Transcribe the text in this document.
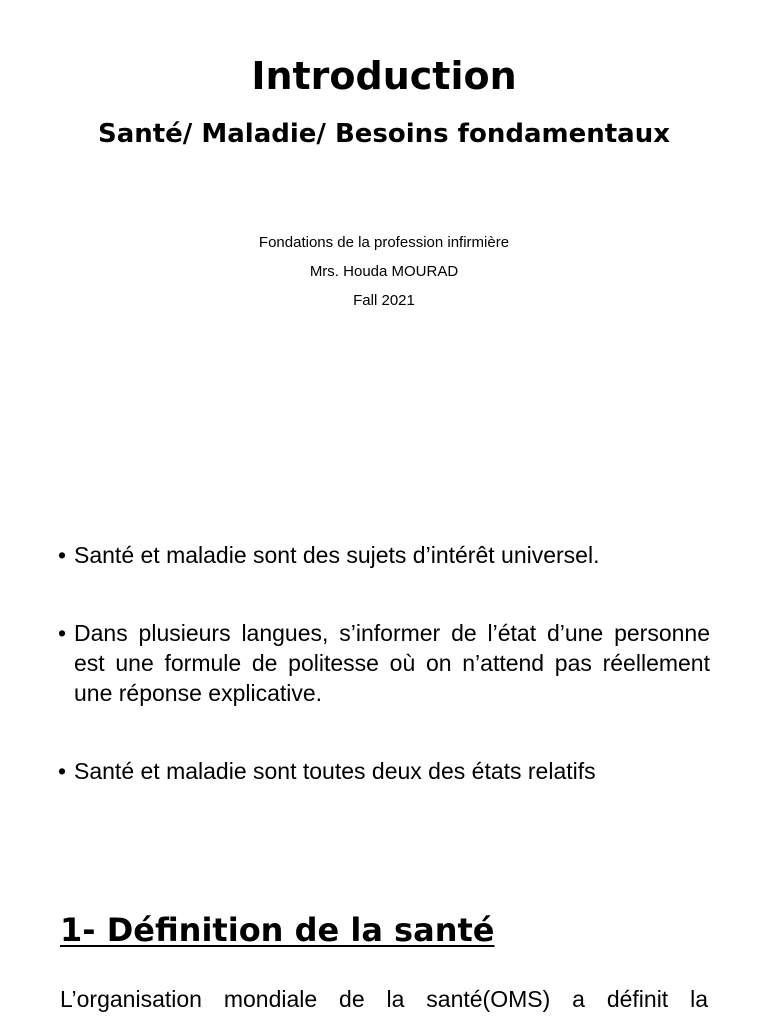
Introduction
Santé/ Maladie/ Besoins fondamentaux
Fondations de la profession infirmière
Mrs. Houda MOURAD
Fall 2021
• Santé et maladie sont des sujets d’intérêt universel.
• Dans plusieurs langues, s’informer de l’état d’une personne est une formule de politesse où on n’attend pas réellement une réponse explicative.
• Santé et maladie sont toutes deux des états relatifs
1- Définition de la santé

L’organisation mondiale de la santé(OMS) a définit la
